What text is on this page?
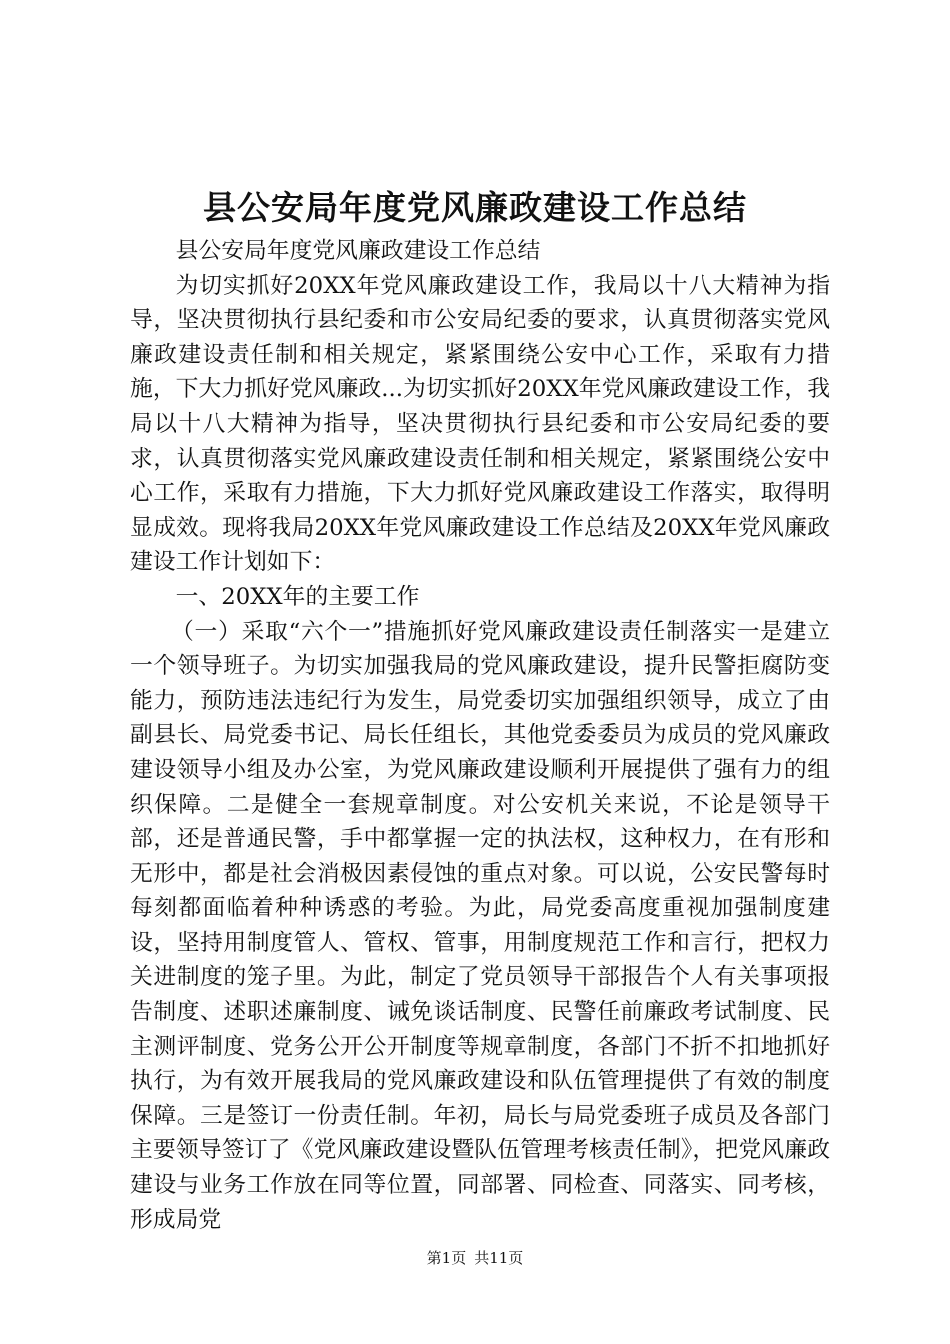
县公安局年度党风廉政建设工作总结

县公安局年度党风廉政建设工作总结

为切实抓好20XX年党风廉政建设工作，我局以十八大精神为指导，坚决贯彻执行县纪委和市公安局纪委的要求，认真贯彻落实党风廉政建设责任制和相关规定，紧紧围绕公安中心工作，采取有力措施，下大力抓好党风廉政...为切实抓好20XX年党风廉政建设工作，我局以十八大精神为指导，坚决贯彻执行县纪委和市公安局纪委的要求，认真贯彻落实党风廉政建设责任制和相关规定，紧紧围绕公安中心工作，采取有力措施，下大力抓好党风廉政建设工作落实，取得明显成效。现将我局20XX年党风廉政建设工作总结及20XX年党风廉政建设工作计划如下：

一、20XX年的主要工作

（一）采取“六个一”措施抓好党风廉政建设责任制落实一是建立一个领导班子。为切实加强我局的党风廉政建设，提升民警拒腐防变能力，预防违法违纪行为发生，局党委切实加强组织领导，成立了由副县长、局党委书记、局长任组长，其他党委委员为成员的党风廉政建设领导小组及办公室，为党风廉政建设顺利开展提供了强有力的组织保障。二是健全一套规章制度。对公安机关来说，不论是领导干部，还是普通民警，手中都掌握一定的执法权，这种权力，在有形和无形中，都是社会消极因素侵蚀的重点对象。可以说，公安民警每时每刻都面临着种种诱惑的考验。为此，局党委高度重视加强制度建设，坚持用制度管人、管权、管事，用制度规范工作和言行，把权力关进制度的笼子里。为此，制定了党员领导干部报告个人有关事项报告制度、述职述廉制度、诫免谈话制度、民警任前廉政考试制度、民主测评制度、党务公开公开制度等规章制度，各部门不折不扣地抓好执行，为有效开展我局的党风廉政建设和队伍管理提供了有效的制度保障。三是签订一份责任制。年初，局长与局党委班子成员及各部门主要领导签订了《党风廉政建设暨队伍管理考核责任制》，把党风廉政建设与业务工作放在同等位置，同部署、同检查、同落实、同考核，形成局党

第1页 共11页
